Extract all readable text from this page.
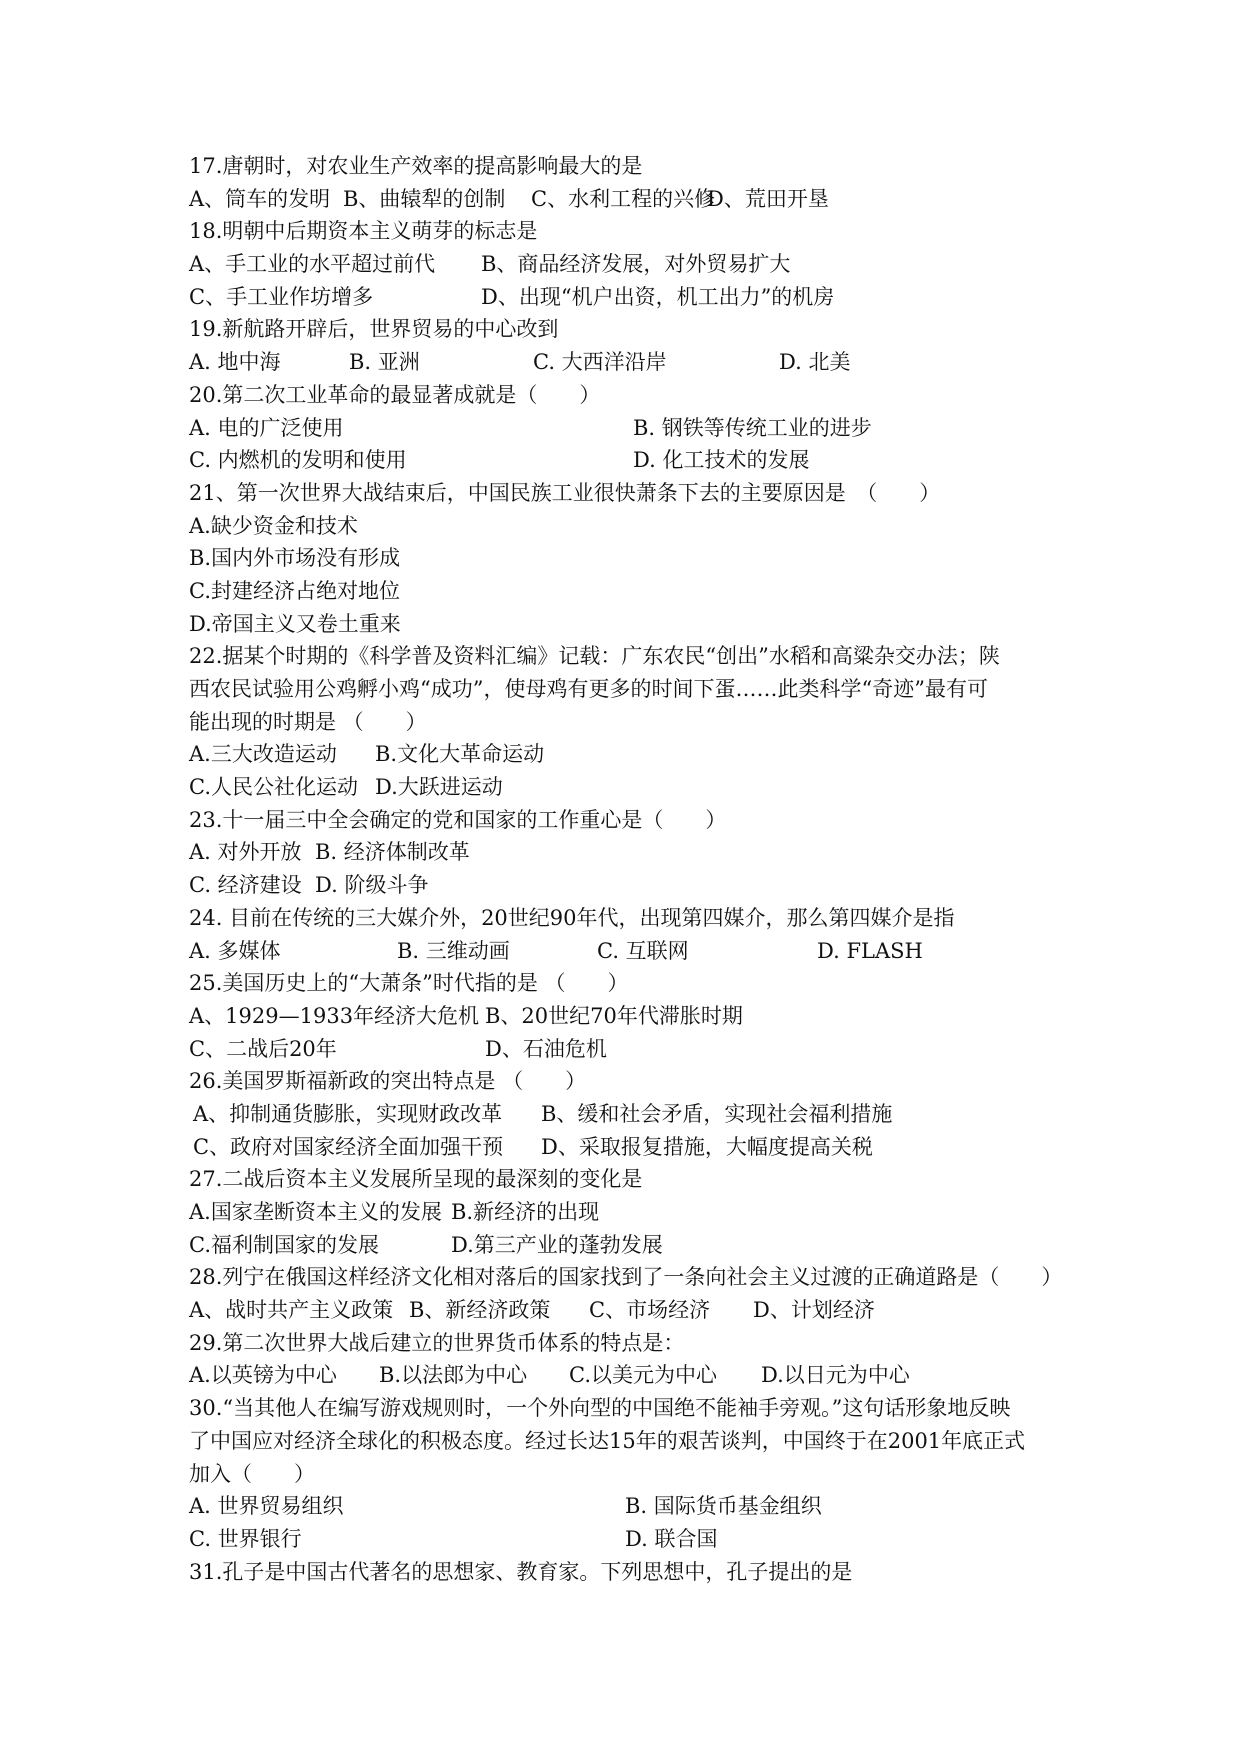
17.唐朝时，对农业生产效率的提高影响最大的是
A、筒车的发明 B、曲辕犁的创制 C、水利工程的兴修
D、荒田开垦
18.明朝中后期资本主义萌芽的标志是
A、手工业的水平超过前代 B、商品经济发展，对外贸易扩大
C、手工业作坊增多	D、出现“机户出资，机工出力”的机房
19.新航路开辟后，世界贸易的中心改到
A. 地中海	B. 亚洲	C. 大西洋沿岸	D. 北美
20.第二次工业革命的最显著成就是（　　）
A. 电的广泛使用	B. 钢铁等传统工业的进步
C. 内燃机的发明和使用	D. 化工技术的发展
21、第一次世界大战结束后，中国民族工业很快萧条下去的主要原因是　（　　）
A.缺少资金和技术
B.国内外市场没有形成
C.封建经济占绝对地位
D.帝国主义又卷土重来
22.据某个时期的《科学普及资料汇编》记载：广东农民“创出”水稻和高粱杂交办法；陕
西农民试验用公鸡孵小鸡“成功”，使母鸡有更多的时间下蛋……此类科学“奇迹”最有可
能出现的时期是 （　　）
A.三大改造运动 B.文化大革命运动
C.人民公社化运动 D.大跃进运动
23.十一届三中全会确定的党和国家的工作重心是（　　）
A. 对外开放 B. 经济体制改革
C. 经济建设 D. 阶级斗争
24. 目前在传统的三大媒介外，20世纪90年代，出现第四媒介，那么第四媒介是指
A. 多媒体	B. 三维动画	C. 互联网	D. FLASH
25.美国历史上的“大萧条”时代指的是 （　　）
A、1929—1933年经济大危机 B、20世纪70年代滞胀时期
C、二战后20年	D、石油危机
26.美国罗斯福新政的突出特点是 （　　）
A、抑制通货膨胀，实现财政改革 B、缓和社会矛盾，实现社会福利措施
C、政府对国家经济全面加强干预 D、采取报复措施，大幅度提高关税
27.二战后资本主义发展所呈现的最深刻的变化是
A.国家垄断资本主义的发展 B.新经济的出现
C.福利制国家的发展	D.第三产业的蓬勃发展
28.列宁在俄国这样经济文化相对落后的国家找到了一条向社会主义过渡的正确道路是（　　）
A、战时共产主义政策 B、新经济政策 C、市场经济 D、计划经济
29.第二次世界大战后建立的世界货币体系的特点是：
A.以英镑为中心 B.以法郎为中心 C.以美元为中心 D.以日元为中心
30.“当其他人在编写游戏规则时，一个外向型的中国绝不能袖手旁观。”这句话形象地反映
了中国应对经济全球化的积极态度。经过长达15年的艰苦谈判，中国终于在2001年底正式
加入（　　）
A. 世界贸易组织	B. 国际货币基金组织
C. 世界银行	D. 联合国
31.孔子是中国古代著名的思想家、教育家。下列思想中，孔子提出的是
